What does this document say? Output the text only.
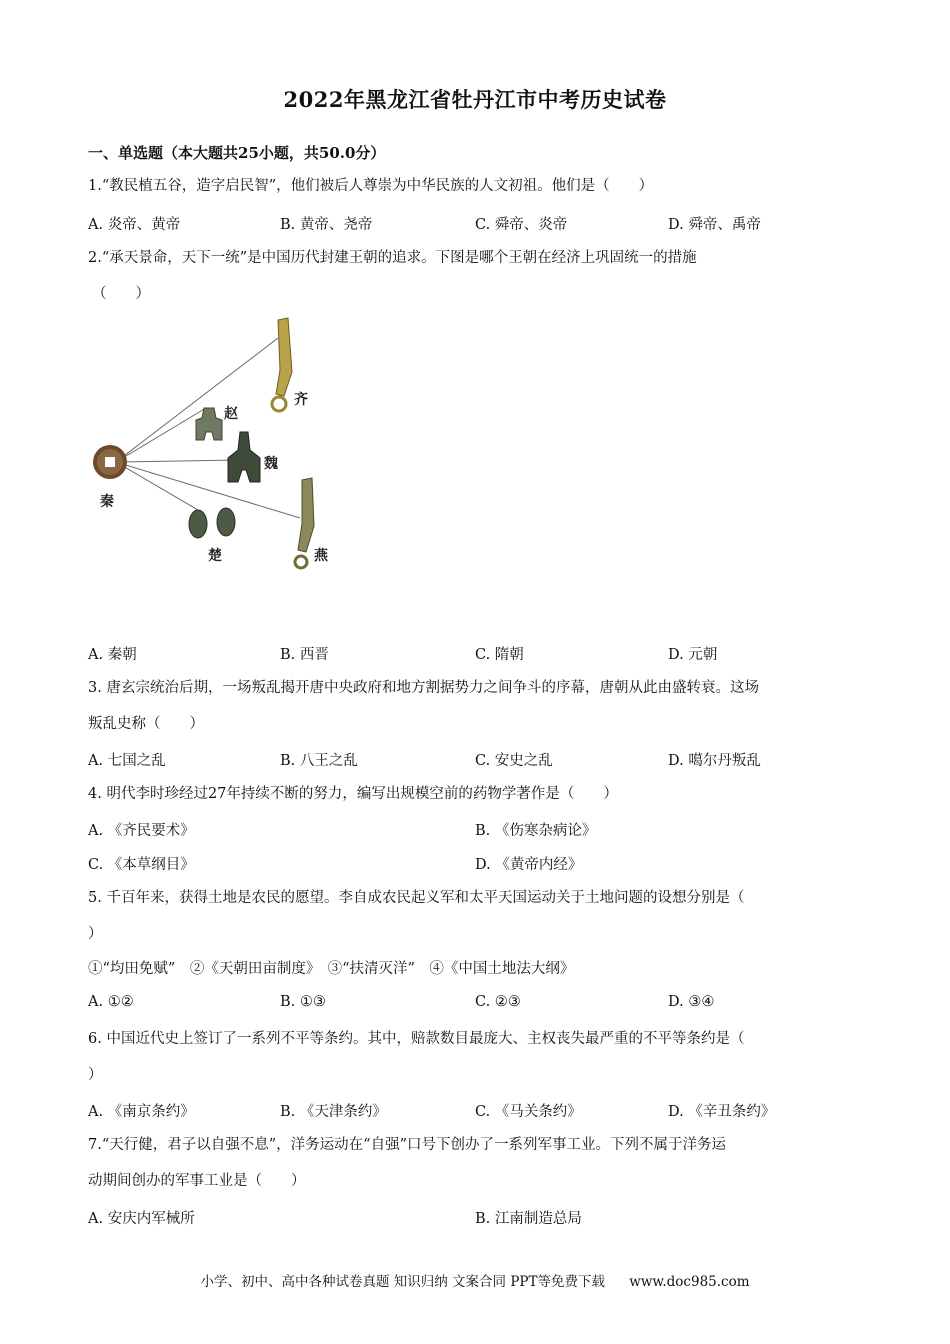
2022年黑龙江省牡丹江市中考历史试卷
一、单选题（本大题共25小题，共50.0分）
1.“教民植五谷，造字启民智”，他们被后人尊崇为中华民族的人文初祖。他们是（　　）
A. 炎帝、黄帝	B. 黄帝、尧帝	C. 舜帝、炎帝	D. 舜帝、禹帝
2.“承天景命，天下一统”是中国历代封建王朝的追求。下图是哪个王朝在经济上巩固统一的措施
（　　）
秦
齐
赵
魏
楚	燕
A. 秦朝	B. 西晋	C. 隋朝	D. 元朝
3. 唐玄宗统治后期，一场叛乱揭开唐中央政府和地方割据势力之间争斗的序幕，唐朝从此由盛转衰。这场
叛乱史称（　　）
A. 七国之乱	B. 八王之乱	C. 安史之乱	D. 噶尔丹叛乱
4. 明代李时珍经过27年持续不断的努力，编写出规模空前的药物学著作是（　　）
A. 《齐民要术》	B. 《伤寒杂病论》
C. 《本草纲目》	D. 《黄帝内经》
5. 千百年来，获得土地是农民的愿望。李自成农民起义军和太平天国运动关于土地问题的设想分别是（
）
①“均田免赋”　②《天朝田亩制度》　③“扶清灭洋”　④《中国土地法大纲》
A. ①②	B. ①③	C. ②③	D. ③④
6. 中国近代史上签订了一系列不平等条约。其中，赔款数目最庞大、主权丧失最严重的不平等条约是（
）
A. 《南京条约》	B. 《天津条约》	C. 《马关条约》	D. 《辛丑条约》
7.“天行健，君子以自强不息”，洋务运动在“自强”口号下创办了一系列军事工业。下列不属于洋务运
动期间创办的军事工业是（　　）
A. 安庆内军械所	B. 江南制造总局
小学、初中、高中各种试卷真题 知识归纳 文案合同 PPT等免费下载 www.doc985.com
